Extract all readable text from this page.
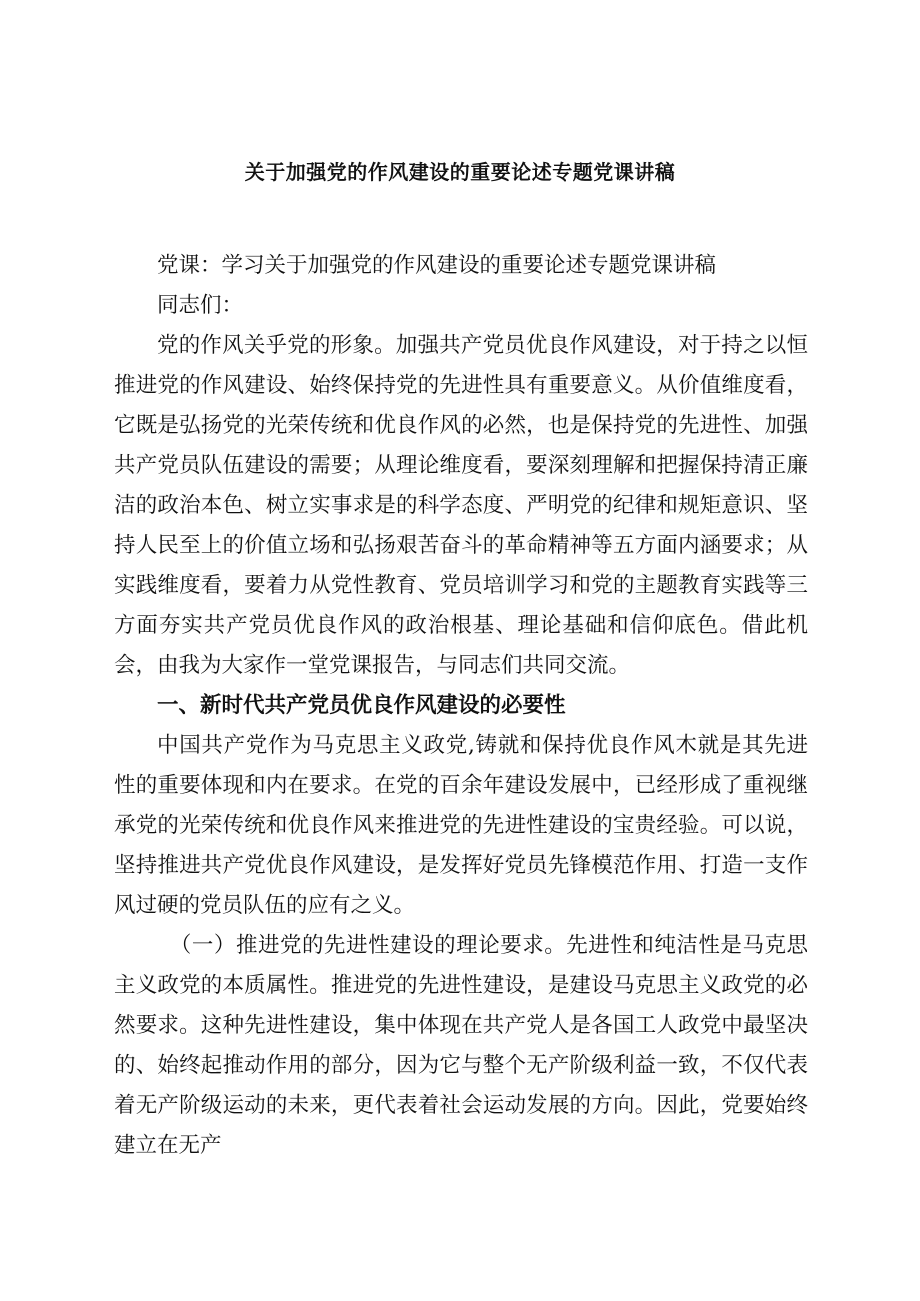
关于加强党的作风建设的重要论述专题党课讲稿

党课：学习关于加强党的作风建设的重要论述专题党课讲稿

同志们：

党的作风关乎党的形象。加强共产党员优良作风建设，对于持之以恒推进党的作风建设、始终保持党的先进性具有重要意义。从价值维度看，它既是弘扬党的光荣传统和优良作风的必然，也是保持党的先进性、加强共产党员队伍建设的需要；从理论维度看，要深刻理解和把握保持清正廉洁的政治本色、树立实事求是的科学态度、严明党的纪律和规矩意识、坚持人民至上的价值立场和弘扬艰苦奋斗的革命精神等五方面内涵要求；从实践维度看，要着力从党性教育、党员培训学习和党的主题教育实践等三方面夯实共产党员优良作风的政治根基、理论基础和信仰底色。借此机会，由我为大家作一堂党课报告，与同志们共同交流。

一、新时代共产党员优良作风建设的必要性

中国共产党作为马克思主义政党,铸就和保持优良作风木就是其先进性的重要体现和内在要求。在党的百余年建设发展中，已经形成了重视继承党的光荣传统和优良作风来推进党的先进性建设的宝贵经验。可以说，坚持推进共产党优良作风建设，是发挥好党员先锋模范作用、打造一支作风过硬的党员队伍的应有之义。

（一）推进党的先进性建设的理论要求。先进性和纯洁性是马克思主义政党的本质属性。推进党的先进性建设，是建设马克思主义政党的必然要求。这种先进性建设，集中体现在共产党人是各国工人政党中最坚决的、始终起推动作用的部分，因为它与整个无产阶级利益一致，不仅代表着无产阶级运动的未来，更代表着社会运动发展的方向。因此，党要始终建立在无产
